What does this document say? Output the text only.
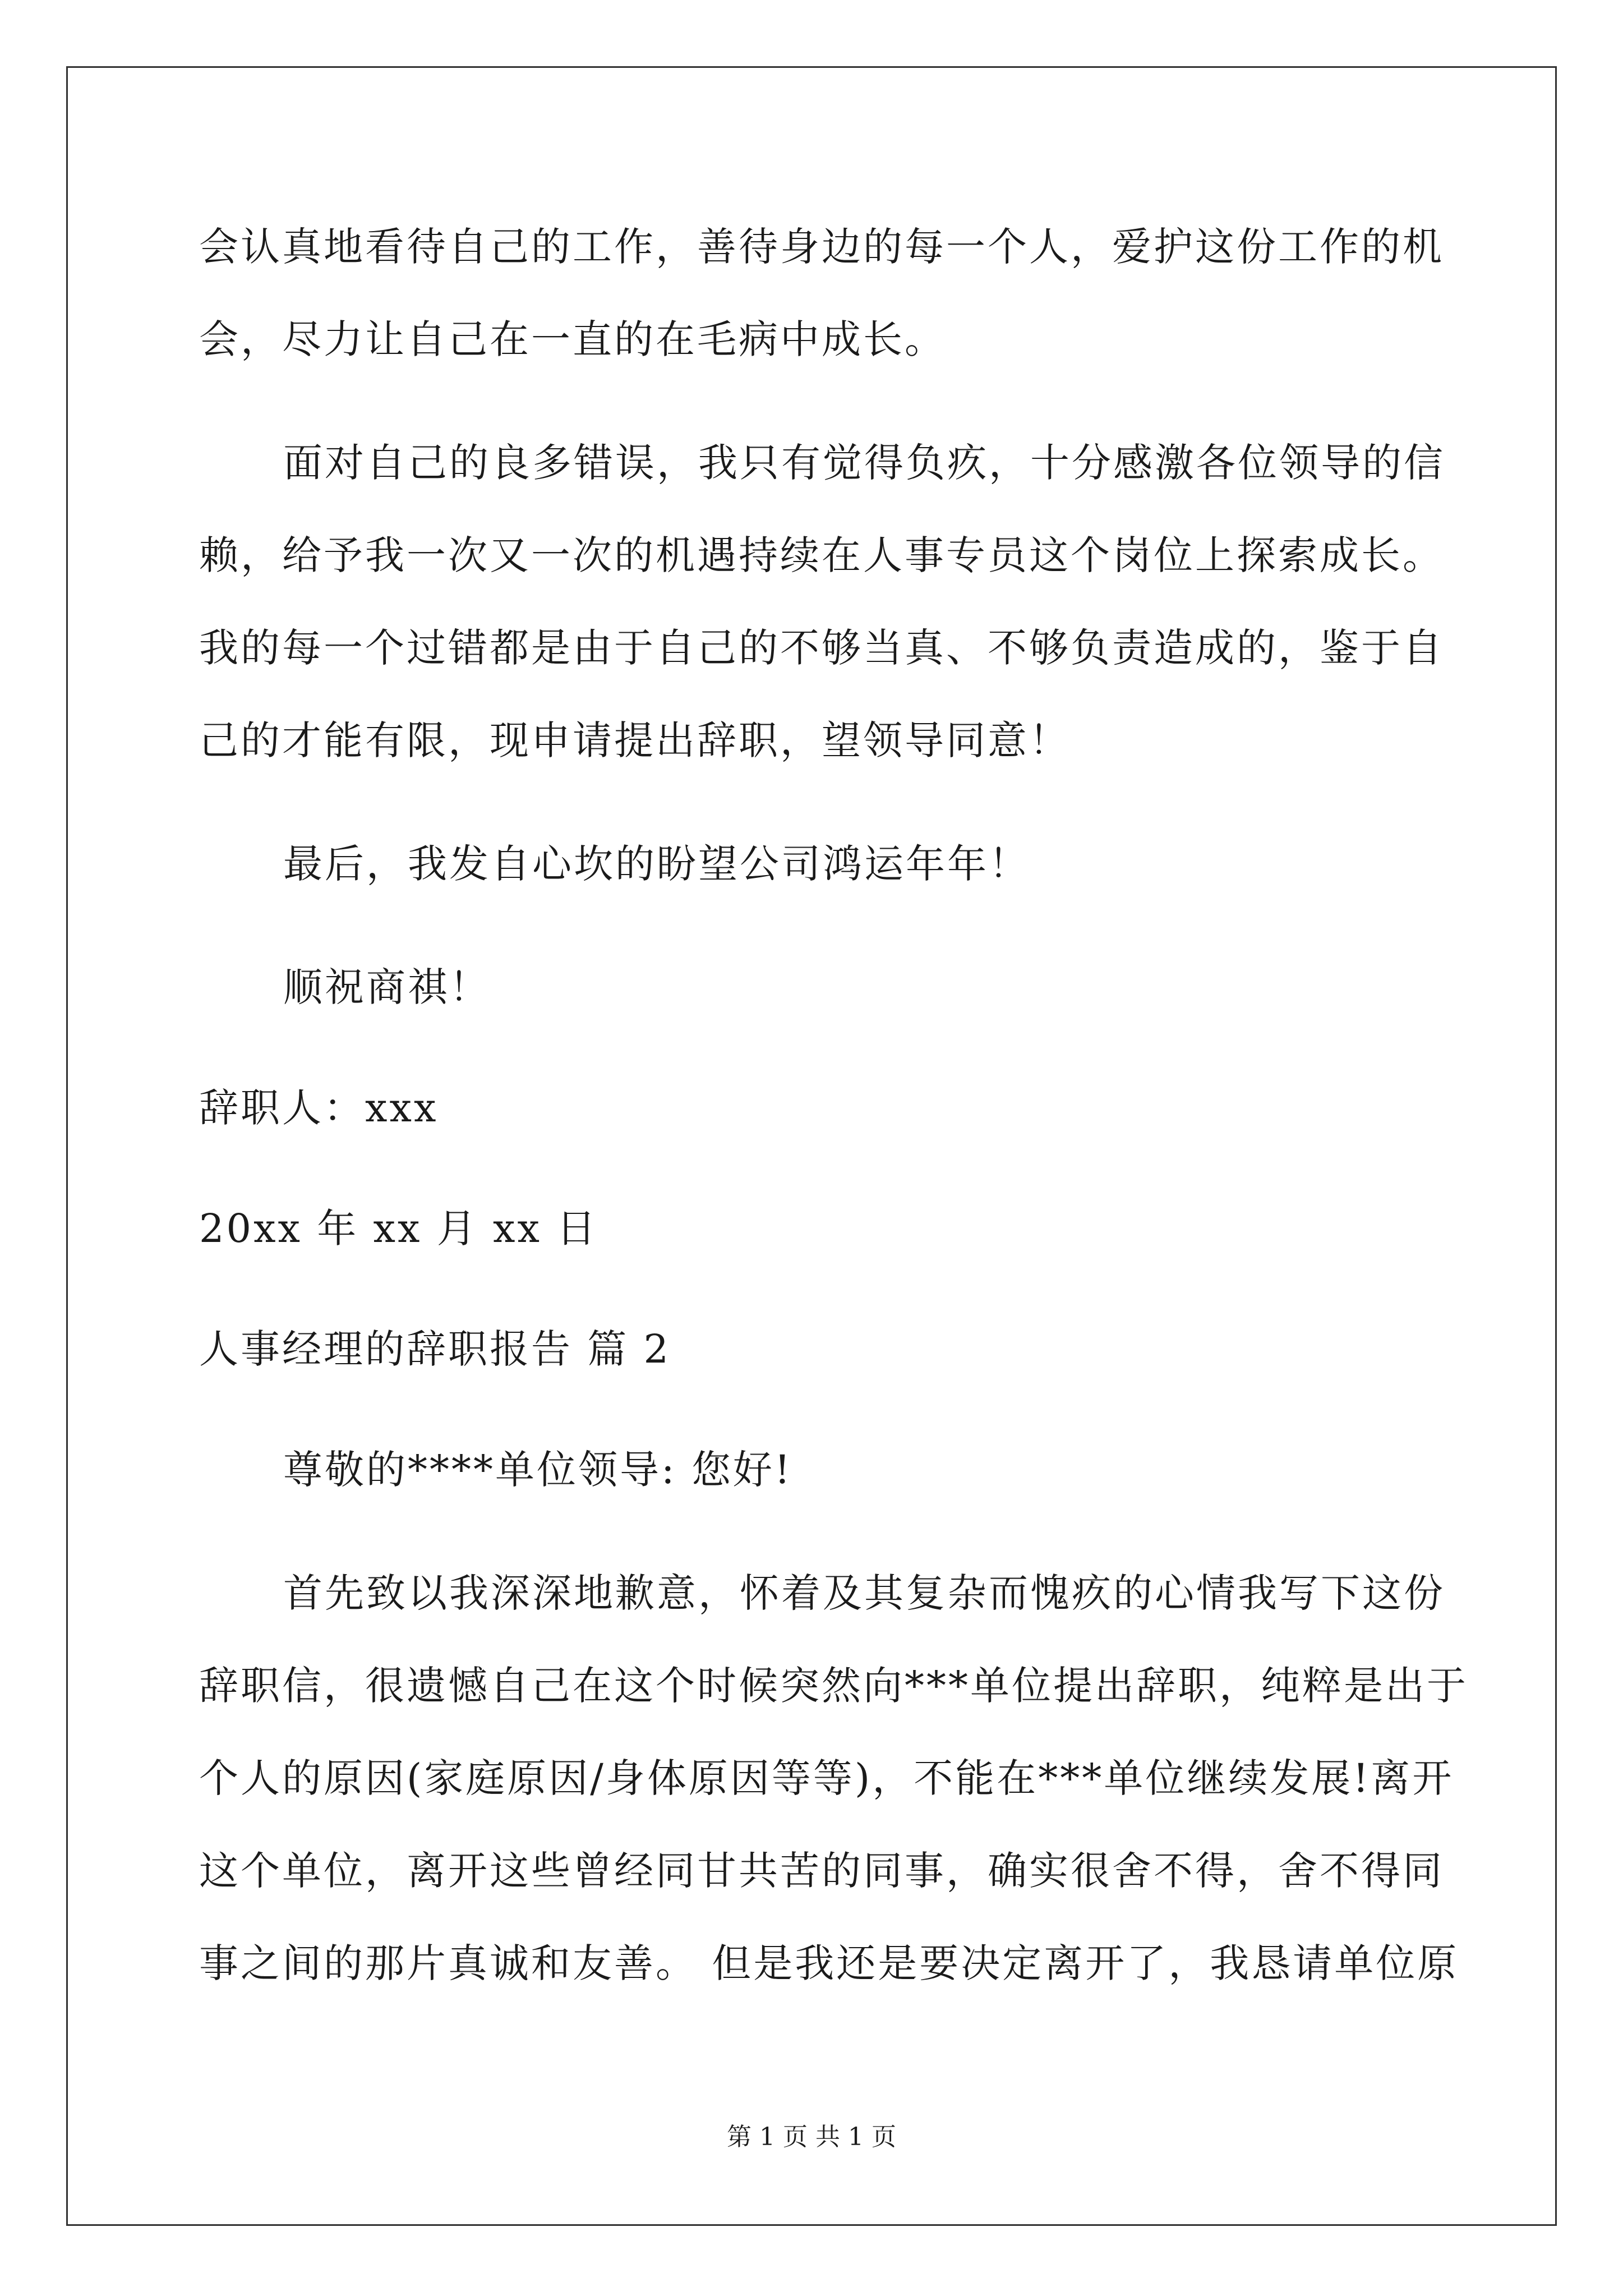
会认真地看待自己的工作，善待身边的每一个人，爱护这份工作的机
会，尽力让自己在一直的在毛病中成长。
面对自己的良多错误，我只有觉得负疚，十分感激各位领导的信
赖，给予我一次又一次的机遇持续在人事专员这个岗位上探索成长。
我的每一个过错都是由于自己的不够当真、不够负责造成的，鉴于自
己的才能有限，现申请提出辞职，望领导同意！
最后，我发自心坎的盼望公司鸿运年年！
顺祝商祺！
辞职人：xxx
20xx 年 xx 月 xx 日
人事经理的辞职报告 篇 2
尊敬的****单位领导: 您好!
首先致以我深深地歉意，怀着及其复杂而愧疚的心情我写下这份
辞职信，很遗憾自己在这个时候突然向***单位提出辞职，纯粹是出于
个人的原因(家庭原因/身体原因等等)，不能在***单位继续发展!离开
这个单位，离开这些曾经同甘共苦的同事，确实很舍不得，舍不得同
事之间的那片真诚和友善。 但是我还是要决定离开了，我恳请单位原
第 1 页 共 1 页
